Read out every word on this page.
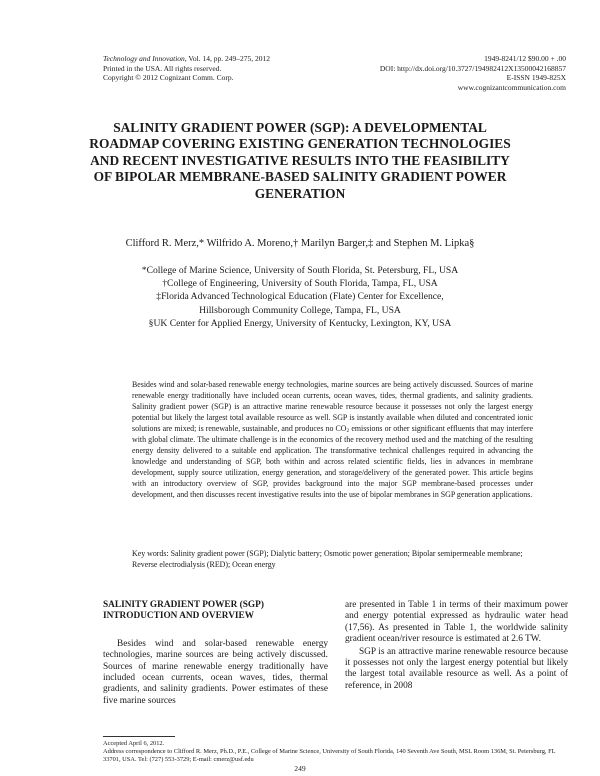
Technology and Innovation, Vol. 14, pp. 249–275, 2012
Printed in the USA. All rights reserved.
Copyright © 2012 Cognizant Comm. Corp.
1949-8241/12 $90.00 + .00
DOI: http://dx.doi.org/10.3727/194982412X13500042168857
E-ISSN 1949-825X
www.cognizantcommunication.com
SALINITY GRADIENT POWER (SGP): A DEVELOPMENTAL ROADMAP COVERING EXISTING GENERATION TECHNOLOGIES AND RECENT INVESTIGATIVE RESULTS INTO THE FEASIBILITY OF BIPOLAR MEMBRANE-BASED SALINITY GRADIENT POWER GENERATION
Clifford R. Merz,* Wilfrido A. Moreno,† Marilyn Barger,‡ and Stephen M. Lipka§
*College of Marine Science, University of South Florida, St. Petersburg, FL, USA
†College of Engineering, University of South Florida, Tampa, FL, USA
‡Florida Advanced Technological Education (Flate) Center for Excellence,
Hillsborough Community College, Tampa, FL, USA
§UK Center for Applied Energy, University of Kentucky, Lexington, KY, USA

Besides wind and solar-based renewable energy technologies, marine sources are being actively discussed. Sources of marine renewable energy traditionally have included ocean currents, ocean waves, tides, thermal gradients, and salinity gradients. Salinity gradient power (SGP) is an attractive marine renewable resource because it possesses not only the largest energy potential but likely the largest total available resource as well. SGP is instantly available when diluted and concentrated ionic solutions are mixed; is renewable, sustainable, and produces no $CO_2$ emissions or other significant effluents that may interfere with global climate. The ultimate challenge is in the economics of the recovery method used and the matching of the resulting energy density delivered to a suitable end application. The transformative technical challenges required in advancing the knowledge and understanding of SGP, both within and across related scientific fields, lies in advances in membrane development, supply source utilization, energy generation, and storage/delivery of the generated power. This article begins with an introductory overview of SGP, provides background into the major SGP membrane-based processes under development, and then discusses recent investigative results into the use of bipolar membranes in SGP generation applications.

Key words: Salinity gradient power (SGP); Dialytic battery; Osmotic power generation; Bipolar semipermeable membrane; Reverse electrodialysis (RED); Ocean energy

SALINITY GRADIENT POWER (SGP)
INTRODUCTION AND OVERVIEW

Besides wind and solar-based renewable energy technologies, marine sources are being actively discussed. Sources of marine renewable energy traditionally have included ocean currents, ocean waves, tides, thermal gradients, and salinity gradients. Power estimates of these five marine sources

are presented in Table 1 in terms of their maximum power and energy potential expressed as hydraulic water head (17,56). As presented in Table 1, the worldwide salinity gradient ocean/river resource is estimated at 2.6 TW.

SGP is an attractive marine renewable resource because it possesses not only the largest energy potential but likely the largest total available resource as well. As a point of reference, in 2008

Accepted April 6, 2012.
Address correspondence to Clifford R. Merz, Ph.D., P.E., College of Marine Science, University of South Florida, 140 Seventh Ave South, MSL Room 136M, St. Petersburg, FL 33701, USA. Tel: (727) 553-3729; E-mail: cmerz@usf.edu
249
